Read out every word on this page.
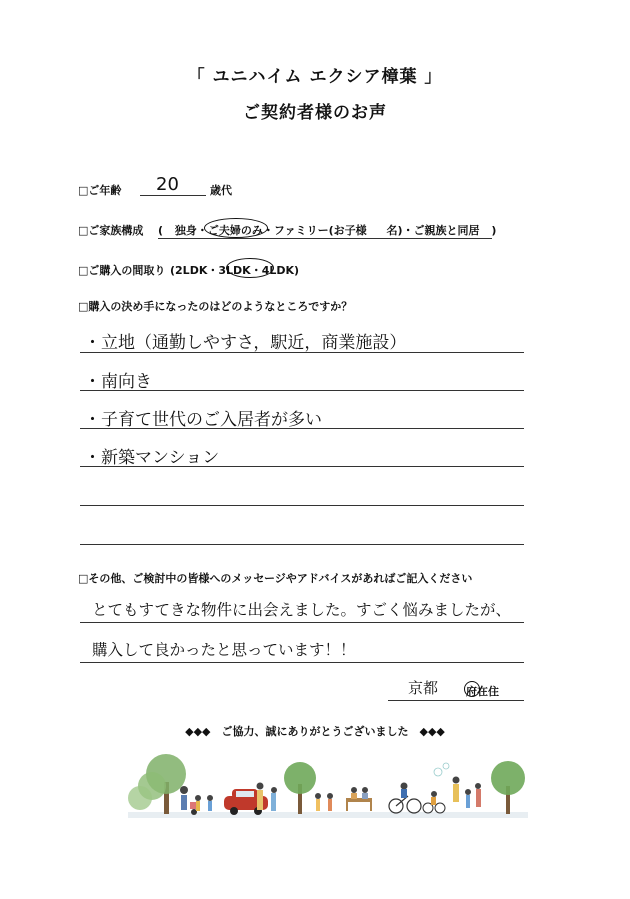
「 ユニハイム エクシア樟葉 」
ご契約者様のお声
□ご年齢 20	歳代
□ご家族構成 ( 独身・ご夫婦のみ・ファミリー(お子様 名)・ご親族と同居 )
□ご購入の間取り (2LDK・3LDK・4LDK)
□購入の決め手になったのはどのようなところですか？
・立地（通勤しやすさ，駅近，商業施設）
・南向き
・子育て世代のご入居者が多い
・新築マンション
□その他、ご検討中の皆様へのメッセージやアドバイスがあればご記入ください
とてもすてきな物件に出会えました。すごく悩みましたが、
購入して良かったと思っています！！
京都	府在住
◆◆◆　ご協力、誠にありがとうございました　◆◆◆
